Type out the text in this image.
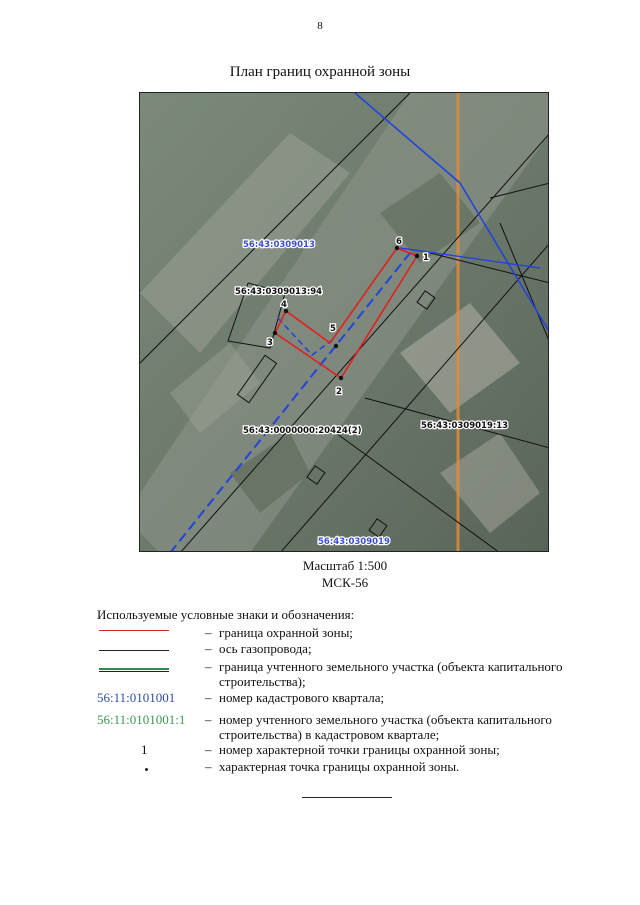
8
План границ охранной зоны
1
2
3
4
5
6
56:43:0309013
56:43:0309013:94
56:43:0000000:20424(2)	56:43:0309019:13
56:43:0309019
Масштаб 1:500
МСК-56
Используемые условные знаки и обозначения:
– граница охранной зоны;
– ось газопровода;
– граница учтенного земельного участка (объекта капитального строительства);
56:11:0101001 – номер кадастрового квартала;
56:11:0101001:1 – номер учтенного земельного участка (объекта капитального строительства) в кадастровом квартале;
1	– номер характерной точки границы охранной зоны;
– характерная точка границы охранной зоны.
